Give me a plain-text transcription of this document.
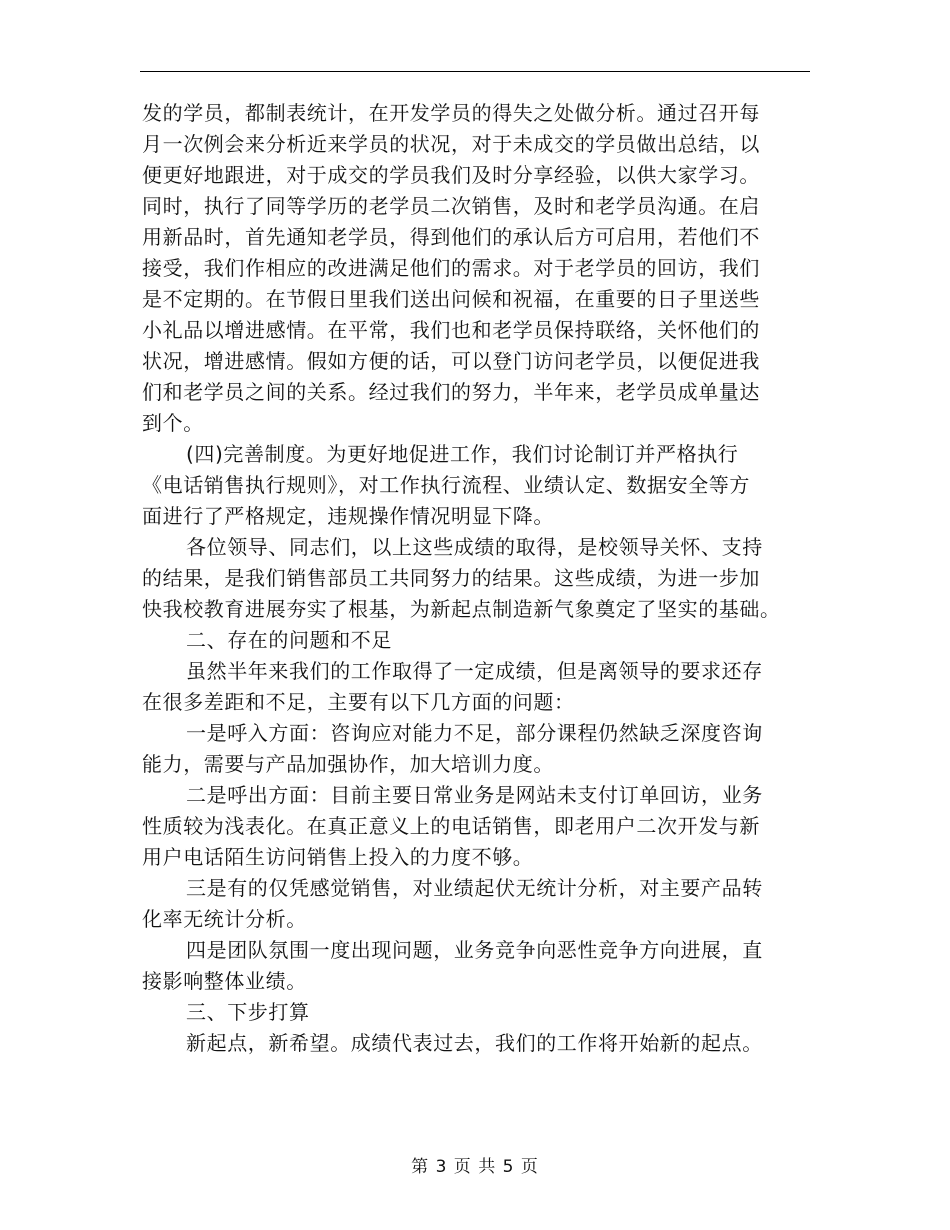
发的学员，都制表统计，在开发学员的得失之处做分析。通过召开每
月一次例会来分析近来学员的状况，对于未成交的学员做出总结，以
便更好地跟进，对于成交的学员我们及时分享经验，以供大家学习。
同时，执行了同等学历的老学员二次销售，及时和老学员沟通。在启
用新品时，首先通知老学员，得到他们的承认后方可启用，若他们不
接受，我们作相应的改进满足他们的需求。对于老学员的回访，我们
是不定期的。在节假日里我们送出问候和祝福，在重要的日子里送些
小礼品以增进感情。在平常，我们也和老学员保持联络，关怀他们的
状况，增进感情。假如方便的话，可以登门访问老学员，以便促进我
们和老学员之间的关系。经过我们的努力，半年来，老学员成单量达
到个。
(四)完善制度。为更好地促进工作，我们讨论制订并严格执行
《电话销售执行规则》，对工作执行流程、业绩认定、数据安全等方
面进行了严格规定，违规操作情况明显下降。
各位领导、同志们，以上这些成绩的取得，是校领导关怀、支持
的结果，是我们销售部员工共同努力的结果。这些成绩，为进一步加
快我校教育进展夯实了根基，为新起点制造新气象奠定了坚实的基础。
二、存在的问题和不足
虽然半年来我们的工作取得了一定成绩，但是离领导的要求还存
在很多差距和不足，主要有以下几方面的问题：
一是呼入方面：咨询应对能力不足，部分课程仍然缺乏深度咨询
能力，需要与产品加强协作，加大培训力度。
二是呼出方面：目前主要日常业务是网站未支付订单回访，业务
性质较为浅表化。在真正意义上的电话销售，即老用户二次开发与新
用户电话陌生访问销售上投入的力度不够。
三是有的仅凭感觉销售，对业绩起伏无统计分析，对主要产品转
化率无统计分析。
四是团队氛围一度出现问题，业务竞争向恶性竞争方向进展，直
接影响整体业绩。
三、下步打算
新起点，新希望。成绩代表过去，我们的工作将开始新的起点。
第 3 页 共 5 页
